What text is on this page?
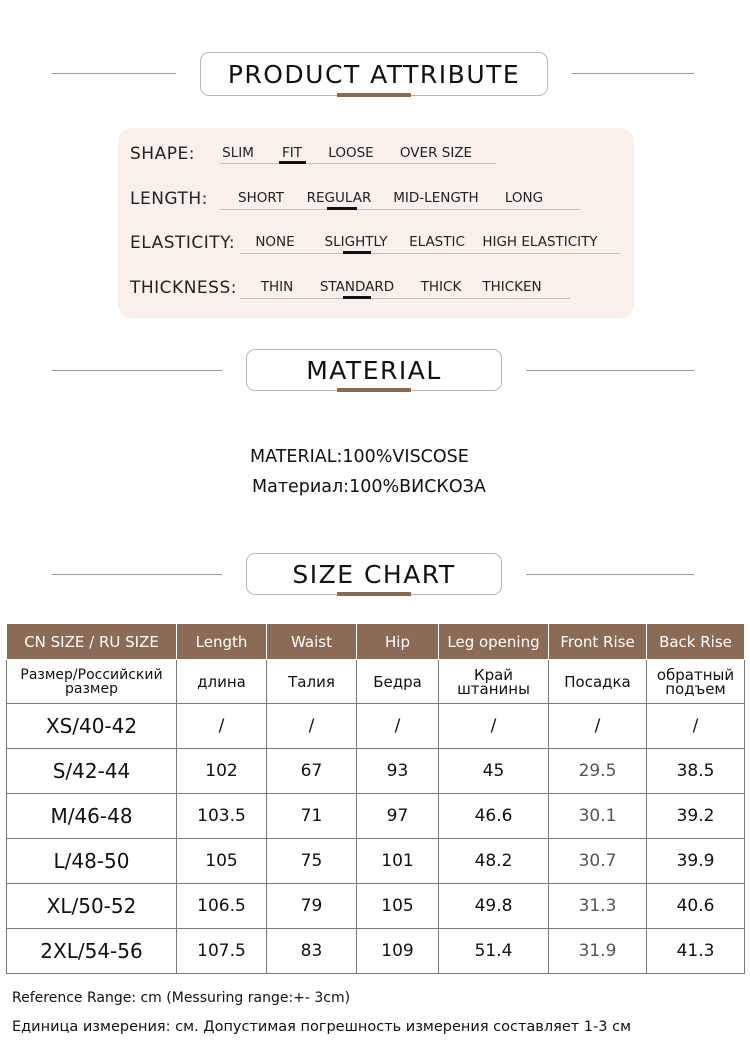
PRODUCT ATTRIBUTE
SHAPE: SLIM FIT LOOSE OVER SIZE
LENGTH: SHORT REGULAR MID-LENGTH LONG
ELASTICITY: NONE SLIGHTLY ELASTIC HIGH ELASTICITY
THICKNESS: THIN STANDARD THICK THICKEN
MATERIAL
MATERIAL:100%VISCOSE
Материал:100%ВИСКОЗА
SIZE CHART
CN SIZE / RU SIZE	Length	Waist	Hip	Leg opening	Front Rise	Back Rise
Размер/Российский размер	длина	Талия	Бедра	Край штанины	Посадка	обратный подъем
XS/40-42	/	/	/	/	/	/
S/42-44	102	67	93	45	29.5	38.5
M/46-48	103.5	71	97	46.6	30.1	39.2
L/48-50	105	75	101	48.2	30.7	39.9
XL/50-52	106.5	79	105	49.8	31.3	40.6
2XL/54-56	107.5	83	109	51.4	31.9	41.3
Reference Range: cm (Messuring range:+- 3cm)
Единица измерения: см. Допустимая погрешность измерения составляет 1-3 см
